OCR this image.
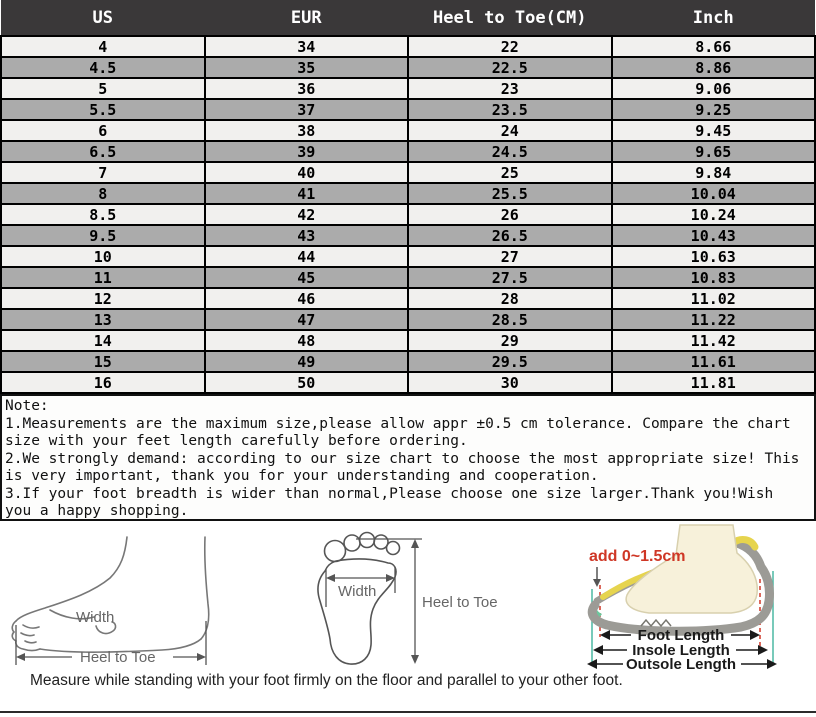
US	EUR	Heel to Toe(CM)	Inch
4	34	22	8.66
4.5	35	22.5	8.86
5	36	23	9.06
5.5	37	23.5	9.25
6	38	24	9.45
6.5	39	24.5	9.65
7	40	25	9.84
8	41	25.5	10.04
8.5	42	26	10.24
9.5	43	26.5	10.43
10	44	27	10.63
11	45	27.5	10.83
12	46	28	11.02
13	47	28.5	11.22
14	48	29	11.42
15	49	29.5	11.61
16	50	30	11.81
Note:
1.Measurements are the maximum size,please allow appr ±0.5 cm tolerance. Compare the chart
size with your feet length carefully before ordering.
2.We strongly demand: according to our size chart to choose the most appropriate size! This
is very important, thank you for your understanding and cooperation.
3.If your foot breadth is wider than normal,Please choose one size larger.Thank you!Wish
you a happy shopping.
Width
Heel to Toe
Width
Heel to Toe
add 0~1.5cm
Foot Length
Insole Length
Outsole Length
Measure while standing with your foot firmly on the floor and parallel to your other foot.
